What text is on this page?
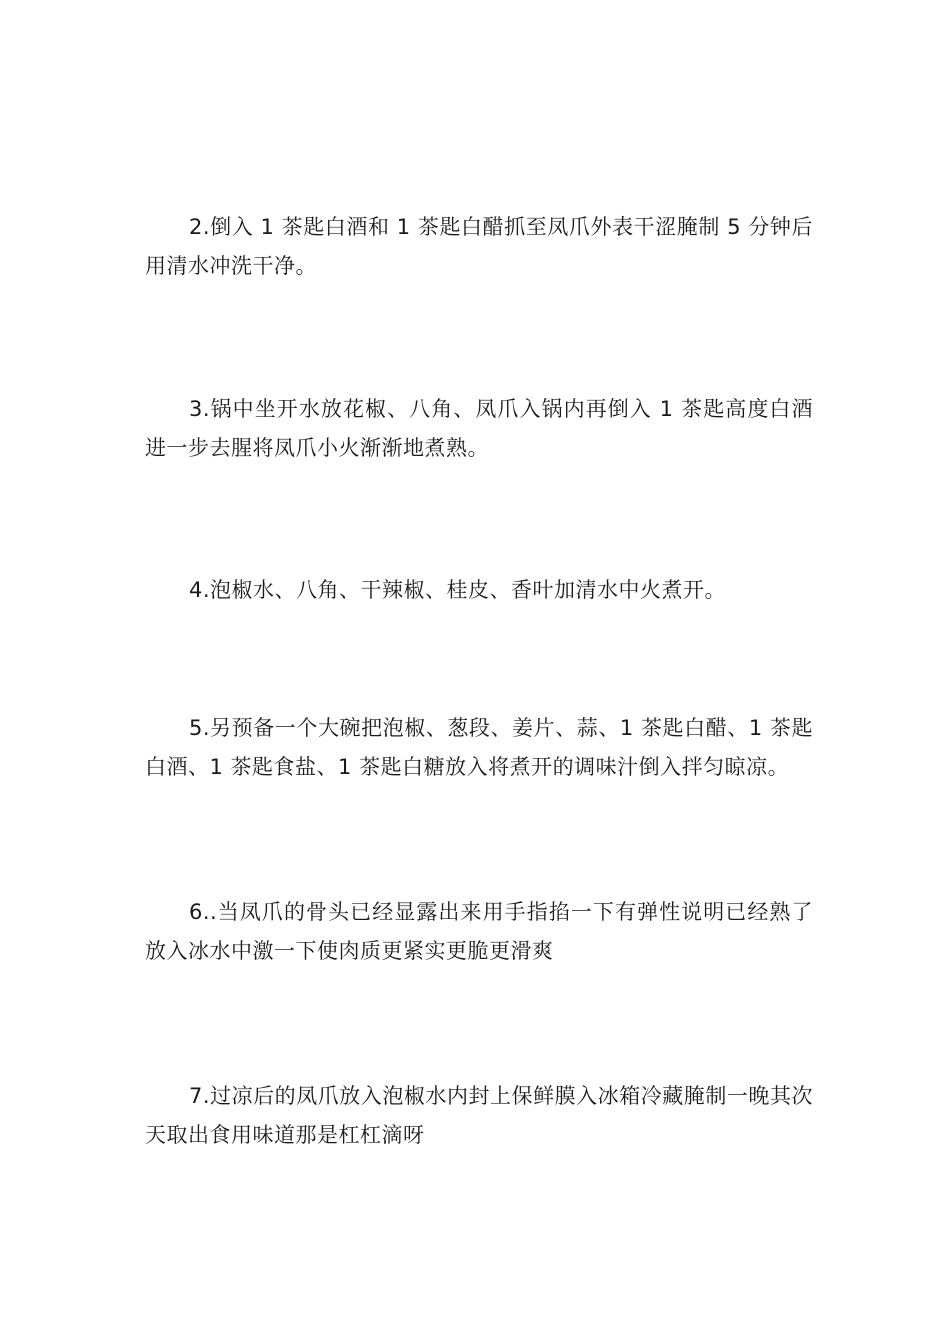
2.倒入 1 茶匙白酒和 1 茶匙白醋抓至凤爪外表干涩腌制 5 分钟后用清水冲洗干净。

3.锅中坐开水放花椒、八角、凤爪入锅内再倒入 1 茶匙高度白酒进一步去腥将凤爪小火渐渐地煮熟。

4.泡椒水、八角、干辣椒、桂皮、香叶加清水中火煮开。

5.另预备一个大碗把泡椒、葱段、姜片、蒜、1 茶匙白醋、1 茶匙白酒、1 茶匙食盐、1 茶匙白糖放入将煮开的调味汁倒入拌匀晾凉。

6..当凤爪的骨头已经显露出来用手指掐一下有弹性说明已经熟了放入冰水中激一下使肉质更紧实更脆更滑爽

7.过凉后的凤爪放入泡椒水内封上保鲜膜入冰箱冷藏腌制一晚其次天取出食用味道那是杠杠滴呀
